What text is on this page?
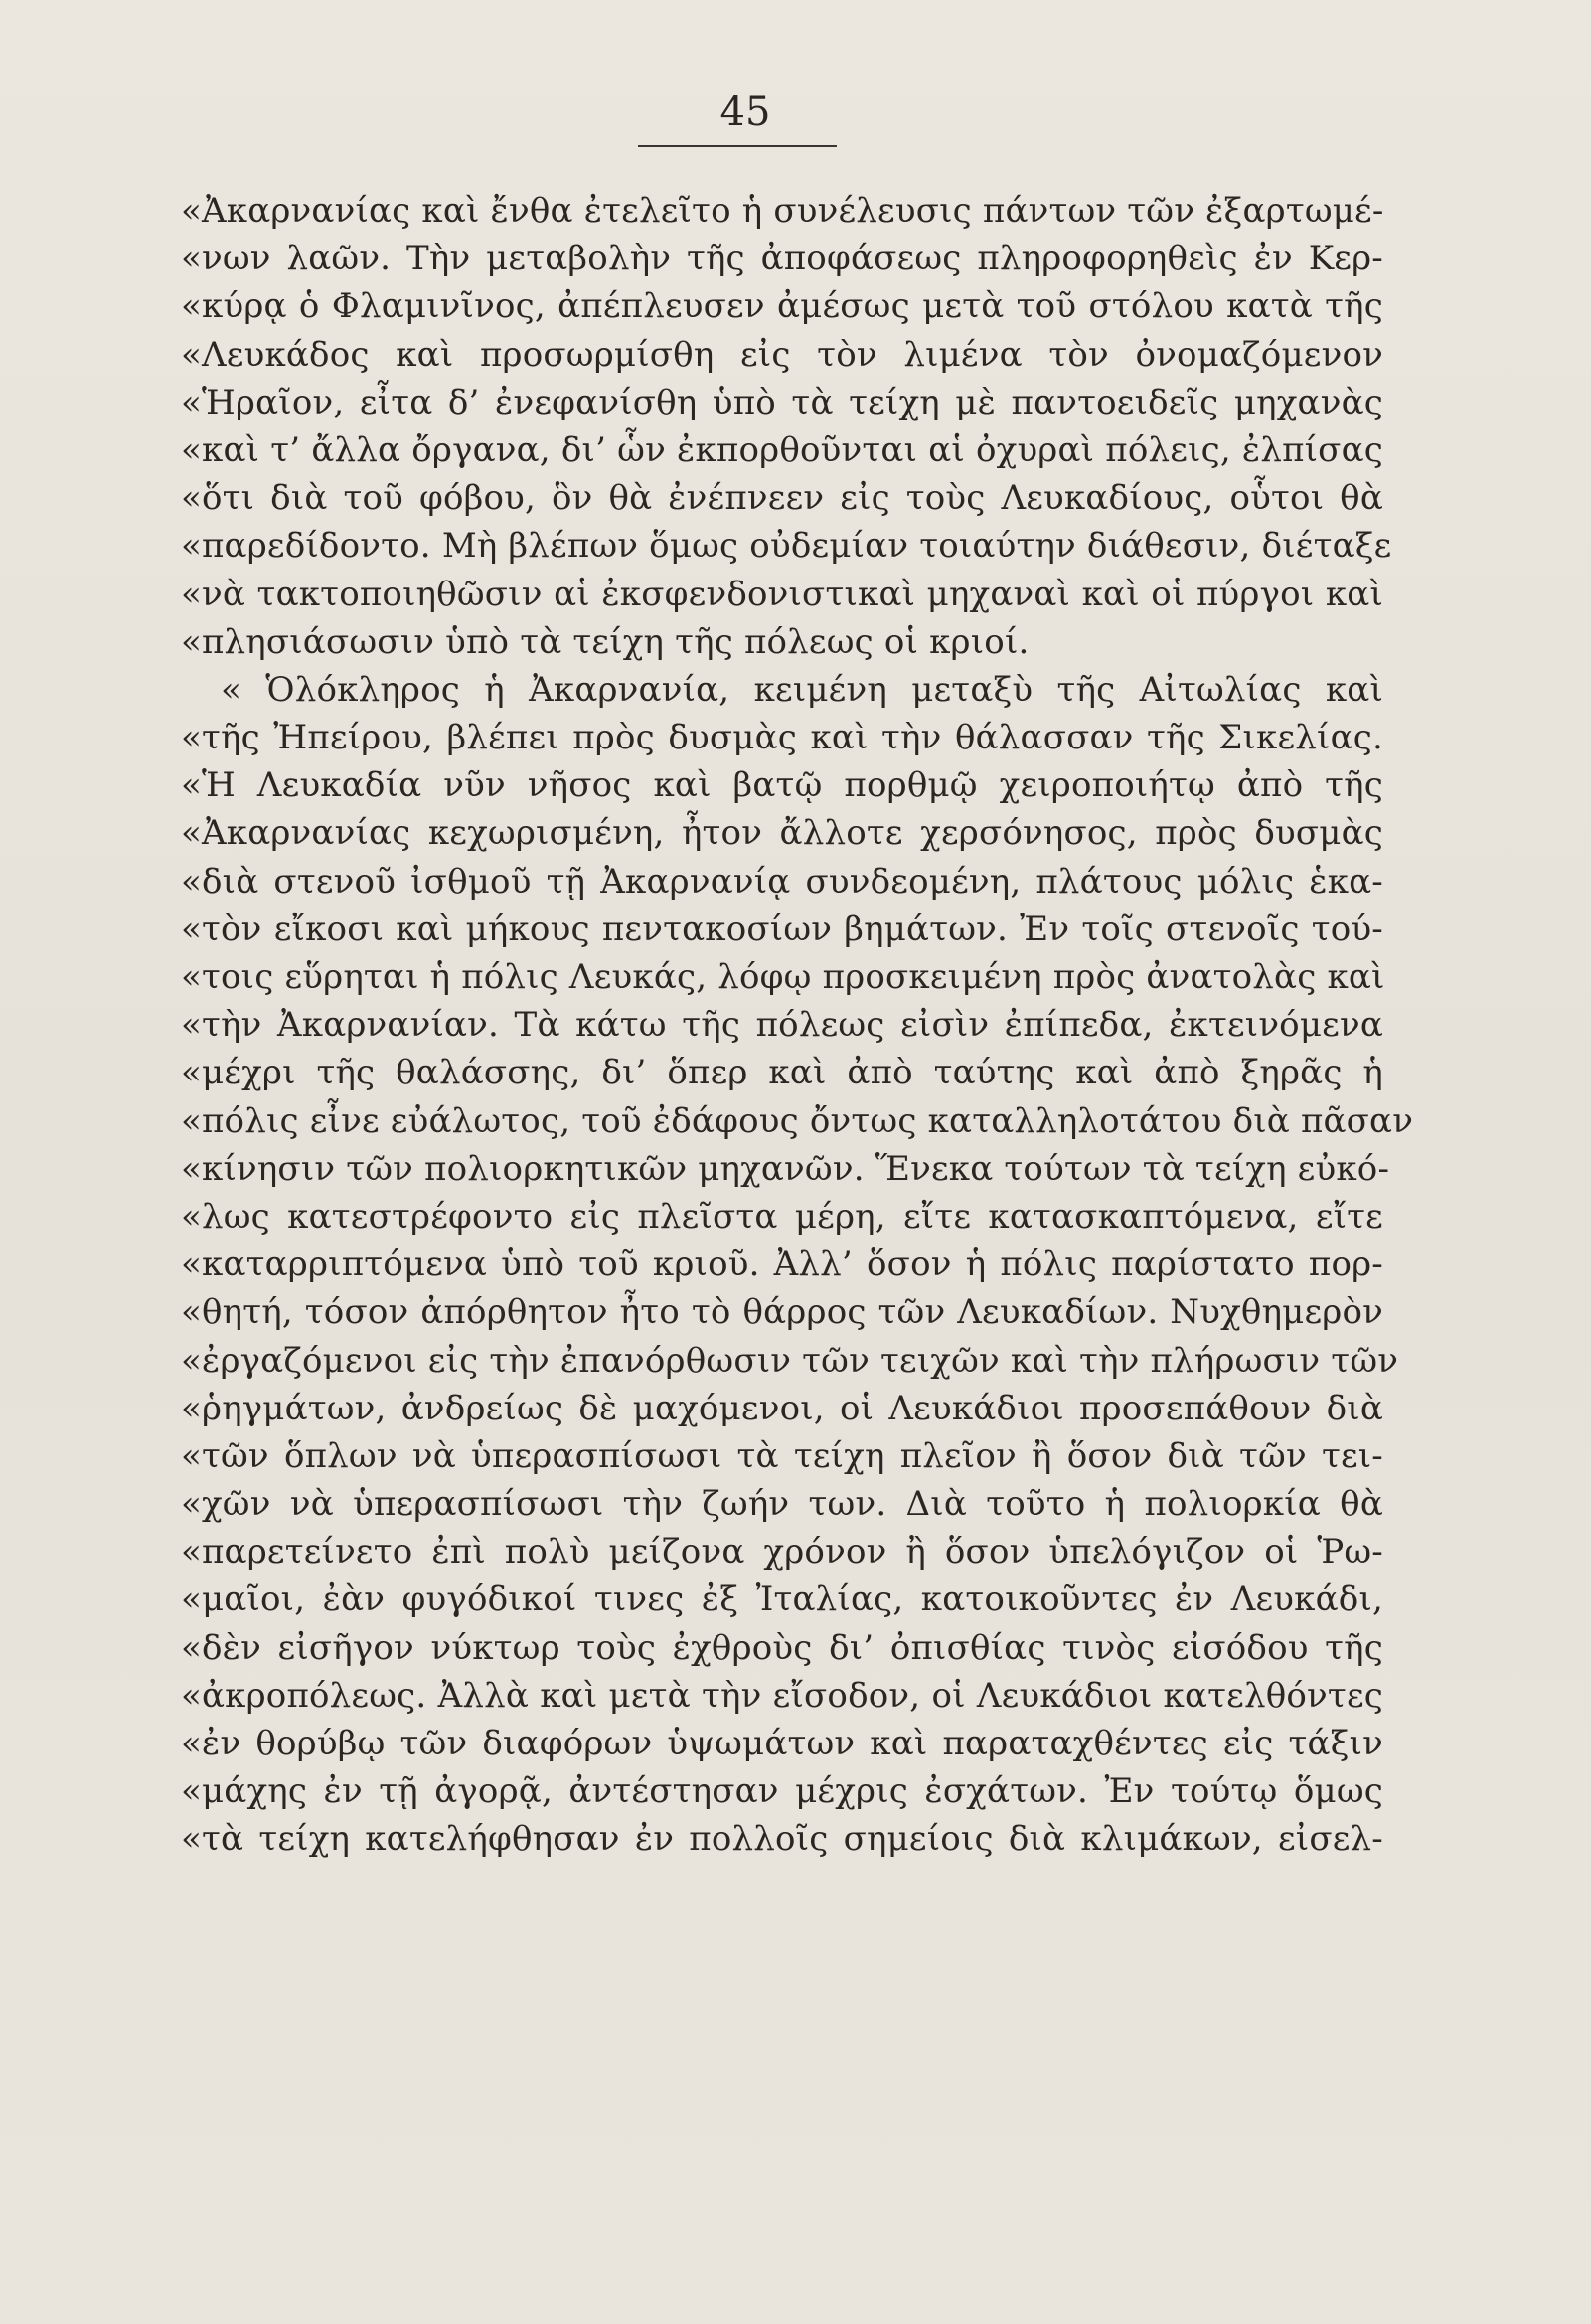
45
«Ἀκαρνανίας καὶ ἔνθα ἐτελεῖτο ἡ συνέλευσις πάντων τῶν ἐξαρτωμέ-
«νων λαῶν. Τὴν μεταβολὴν τῆς ἀποφάσεως πληροφορηθεὶς ἐν Κερ-
«κύρᾳ ὁ Φλαμινῖνος, ἀπέπλευσεν ἀμέσως μετὰ τοῦ στόλου κατὰ τῆς
«Λευκάδος καὶ προσωρμίσθη εἰς τὸν λιμένα τὸν ὀνομαζόμενον
«Ἡραῖον, εἶτα δ’ ἐνεφανίσθη ὑπὸ τὰ τείχη μὲ παντοειδεῖς μηχανὰς
«καὶ τ’ ἄλλα ὄργανα, δι’ ὧν ἐκπορθοῦνται αἱ ὀχυραὶ πόλεις, ἐλπίσας
«ὅτι διὰ τοῦ φόβου, ὃν θὰ ἐνέπνεεν εἰς τοὺς Λευκαδίους, οὗτοι θὰ
«παρεδίδοντο. Μὴ βλέπων ὅμως οὐδεμίαν τοιαύτην διάθεσιν, διέταξε
«νὰ τακτοποιηθῶσιν αἱ ἐκσφενδονιστικαὶ μηχαναὶ καὶ οἱ πύργοι καὶ
«πλησιάσωσιν ὑπὸ τὰ τείχη τῆς πόλεως οἱ κριοί.
« Ὁλόκληρος ἡ Ἀκαρνανία, κειμένη μεταξὺ τῆς Αἰτωλίας καὶ
«τῆς Ἠπείρου, βλέπει πρὸς δυσμὰς καὶ τὴν θάλασσαν τῆς Σικελίας.
«Ἡ Λευκαδία νῦν νῆσος καὶ βατῷ πορθμῷ χειροποιήτῳ ἀπὸ τῆς
«Ἀκαρνανίας κεχωρισμένη, ἦτον ἄλλοτε χερσόνησος, πρὸς δυσμὰς
«διὰ στενοῦ ἰσθμοῦ τῇ Ἀκαρνανίᾳ συνδεομένη, πλάτους μόλις ἑκα-
«τὸν εἴκοσι καὶ μήκους πεντακοσίων βημάτων. Ἐν τοῖς στενοῖς τού-
«τοις εὕρηται ἡ πόλις Λευκάς, λόφῳ προσκειμένη πρὸς ἀνατολὰς καὶ
«τὴν Ἀκαρνανίαν. Τὰ κάτω τῆς πόλεως εἰσὶν ἐπίπεδα, ἐκτεινόμενα
«μέχρι τῆς θαλάσσης, δι’ ὅπερ καὶ ἀπὸ ταύτης καὶ ἀπὸ ξηρᾶς ἡ
«πόλις εἶνε εὐάλωτος, τοῦ ἐδάφους ὄντως καταλληλοτάτου διὰ πᾶσαν
«κίνησιν τῶν πολιορκητικῶν μηχανῶν. Ἕνεκα τούτων τὰ τείχη εὐκό-
«λως κατεστρέφοντο εἰς πλεῖστα μέρη, εἴτε κατασκαπτόμενα, εἴτε
«καταρριπτόμενα ὑπὸ τοῦ κριοῦ. Ἀλλ’ ὅσον ἡ πόλις παρίστατο πορ-
«θητή, τόσον ἀπόρθητον ἦτο τὸ θάρρος τῶν Λευκαδίων. Νυχθημερὸν
«ἐργαζόμενοι εἰς τὴν ἐπανόρθωσιν τῶν τειχῶν καὶ τὴν πλήρωσιν τῶν
«ῥηγμάτων, ἀνδρείως δὲ μαχόμενοι, οἱ Λευκάδιοι προσεπάθουν διὰ
«τῶν ὅπλων νὰ ὑπερασπίσωσι τὰ τείχη πλεῖον ἢ ὅσον διὰ τῶν τει-
«χῶν νὰ ὑπερασπίσωσι τὴν ζωήν των. Διὰ τοῦτο ἡ πολιορκία θὰ
«παρετείνετο ἐπὶ πολὺ μείζονα χρόνον ἢ ὅσον ὑπελόγιζον οἱ Ῥω-
«μαῖοι, ἐὰν φυγόδικοί τινες ἐξ Ἰταλίας, κατοικοῦντες ἐν Λευκάδι,
«δὲν εἰσῆγον νύκτωρ τοὺς ἐχθροὺς δι’ ὀπισθίας τινὸς εἰσόδου τῆς
«ἀκροπόλεως. Ἀλλὰ καὶ μετὰ τὴν εἴσοδον, οἱ Λευκάδιοι κατελθόντες
«ἐν θορύβῳ τῶν διαφόρων ὑψωμάτων καὶ παραταχθέντες εἰς τάξιν
«μάχης ἐν τῇ ἀγορᾷ, ἀντέστησαν μέχρις ἐσχάτων. Ἐν τούτῳ ὅμως
«τὰ τείχη κατελήφθησαν ἐν πολλοῖς σημείοις διὰ κλιμάκων, εἰσελ-
